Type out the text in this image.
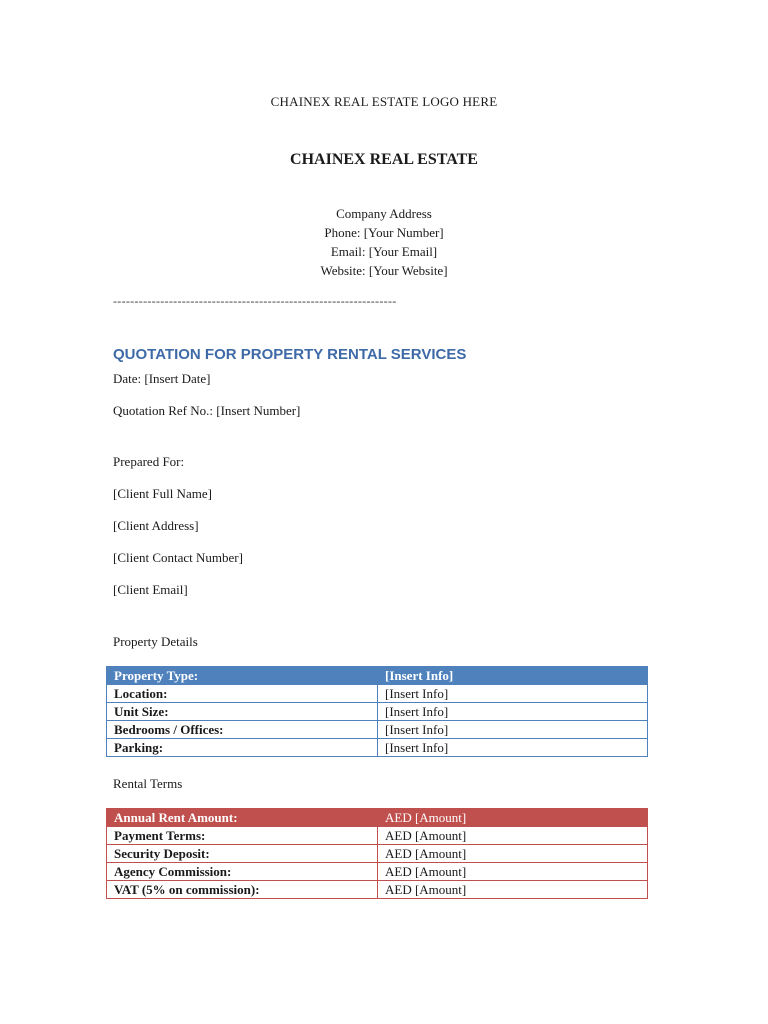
CHAINEX REAL ESTATE LOGO HERE
CHAINEX REAL ESTATE
Company Address
Phone: [Your Number]
Email: [Your Email]
Website: [Your Website]
------------------------------------------------------------------
QUOTATION FOR PROPERTY RENTAL SERVICES
Date: [Insert Date]
Quotation Ref No.: [Insert Number]
Prepared For:
[Client Full Name]
[Client Address]
[Client Contact Number]
[Client Email]
Property Details
Property Type:	[Insert Info]
Location:	[Insert Info]
Unit Size:	[Insert Info]
Bedrooms / Offices:	[Insert Info]
Parking:	[Insert Info]
Rental Terms
Annual Rent Amount:	AED [Amount]
Payment Terms:	AED [Amount]
Security Deposit:	AED [Amount]
Agency Commission:	AED [Amount]
VAT (5% on commission):	AED [Amount]
